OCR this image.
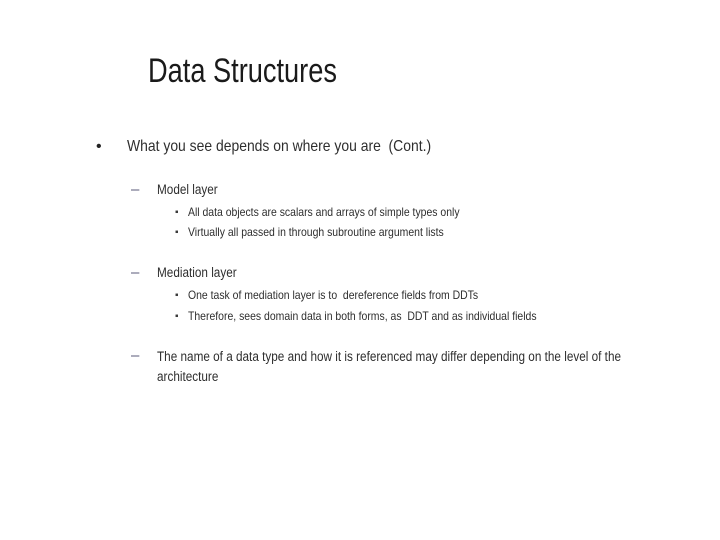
Data Structures
•	What you see depends on where you are  (Cont.)
–	Model layer
▪ All data objects are scalars and arrays of simple types only
▪ Virtually all passed in through subroutine argument lists
–	Mediation layer
▪ One task of mediation layer is to  dereference fields from DDTs
▪ Therefore, sees domain data in both forms, as  DDT and as individual fields
–	The name of a data type and how it is referenced may differ depending on the level of the
architecture
